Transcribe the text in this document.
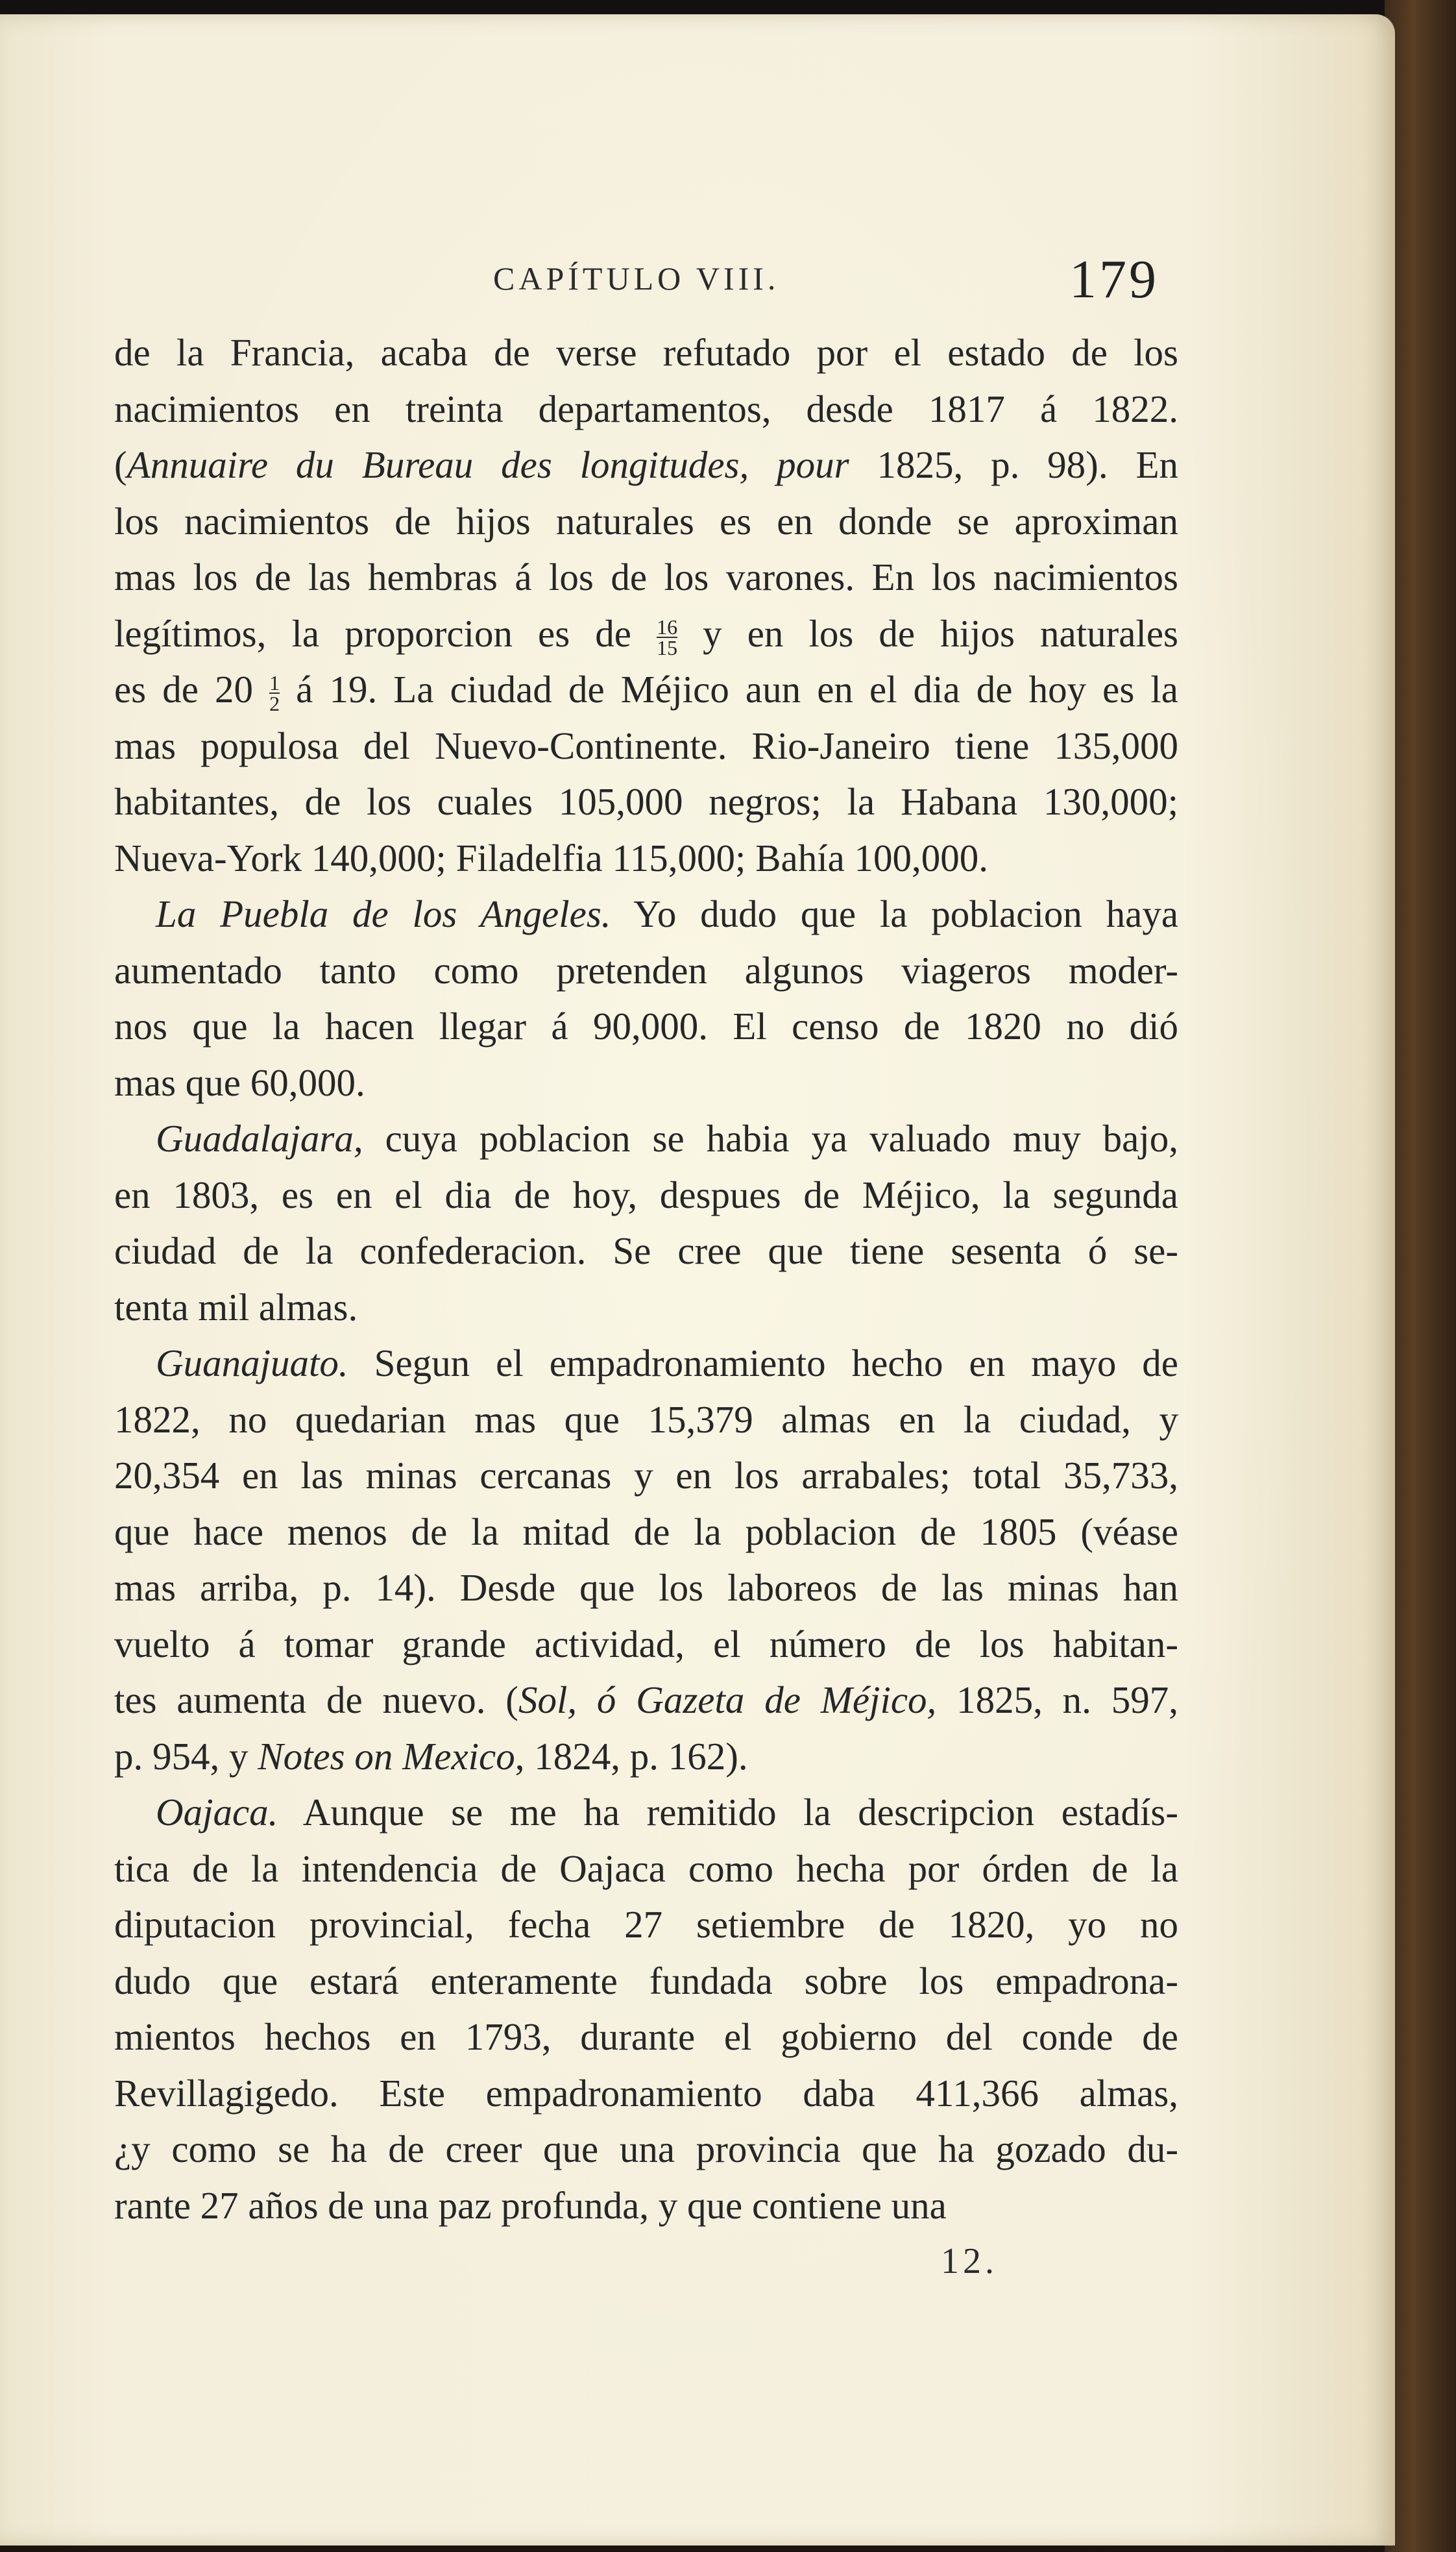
CAPÍTULO VIII.	179

de la Francia, acaba de verse refutado por el estado de los
nacimientos en treinta departamentos, desde 1817 á 1822.
(Annuaire du Bureau des longitudes, pour 1825, p. 98). En
los nacimientos de hijos naturales es en donde se aproximan
mas los de las hembras á los de los varones. En los nacimientos
legítimos, la proporcion es de $\frac{16}{15}$ y en los de hijos naturales
es de $20 \frac{1}{2}$ á 19. La ciudad de Méjico aun en el dia de hoy es la
mas populosa del Nuevo-Continente. Rio-Janeiro tiene 135,000
habitantes, de los cuales 105,000 negros; la Habana 130,000;
Nueva-York 140,000; Filadelfia 115,000; Bahía 100,000.

La Puebla de los Angeles. Yo dudo que la poblacion haya
aumentado tanto como pretenden algunos viageros moder-
nos que la hacen llegar á 90,000. El censo de 1820 no dió
mas que 60,000.

Guadalajara, cuya poblacion se habia ya valuado muy bajo,
en 1803, es en el dia de hoy, despues de Méjico, la segunda
ciudad de la confederacion. Se cree que tiene sesenta ó se-
tenta mil almas.

Guanajuato. Segun el empadronamiento hecho en mayo de
1822, no quedarian mas que 15,379 almas en la ciudad, y
20,354 en las minas cercanas y en los arrabales; total 35,733,
que hace menos de la mitad de la poblacion de 1805 (véase
mas arriba, p. 14). Desde que los laboreos de las minas han
vuelto á tomar grande actividad, el número de los habitan-
tes aumenta de nuevo. (Sol, ó Gazeta de Méjico, 1825, n. 597,
p. 954, y Notes on Mexico, 1824, p. 162).

Oajaca. Aunque se me ha remitido la descripcion estadís-
tica de la intendencia de Oajaca como hecha por órden de la
diputacion provincial, fecha 27 setiembre de 1820, yo no
dudo que estará enteramente fundada sobre los empadrona-
mientos hechos en 1793, durante el gobierno del conde de
Revillagigedo. Este empadronamiento daba 411,366 almas,
¿y como se ha de creer que una provincia que ha gozado du-
rante 27 años de una paz profunda, y que contiene una

12.
